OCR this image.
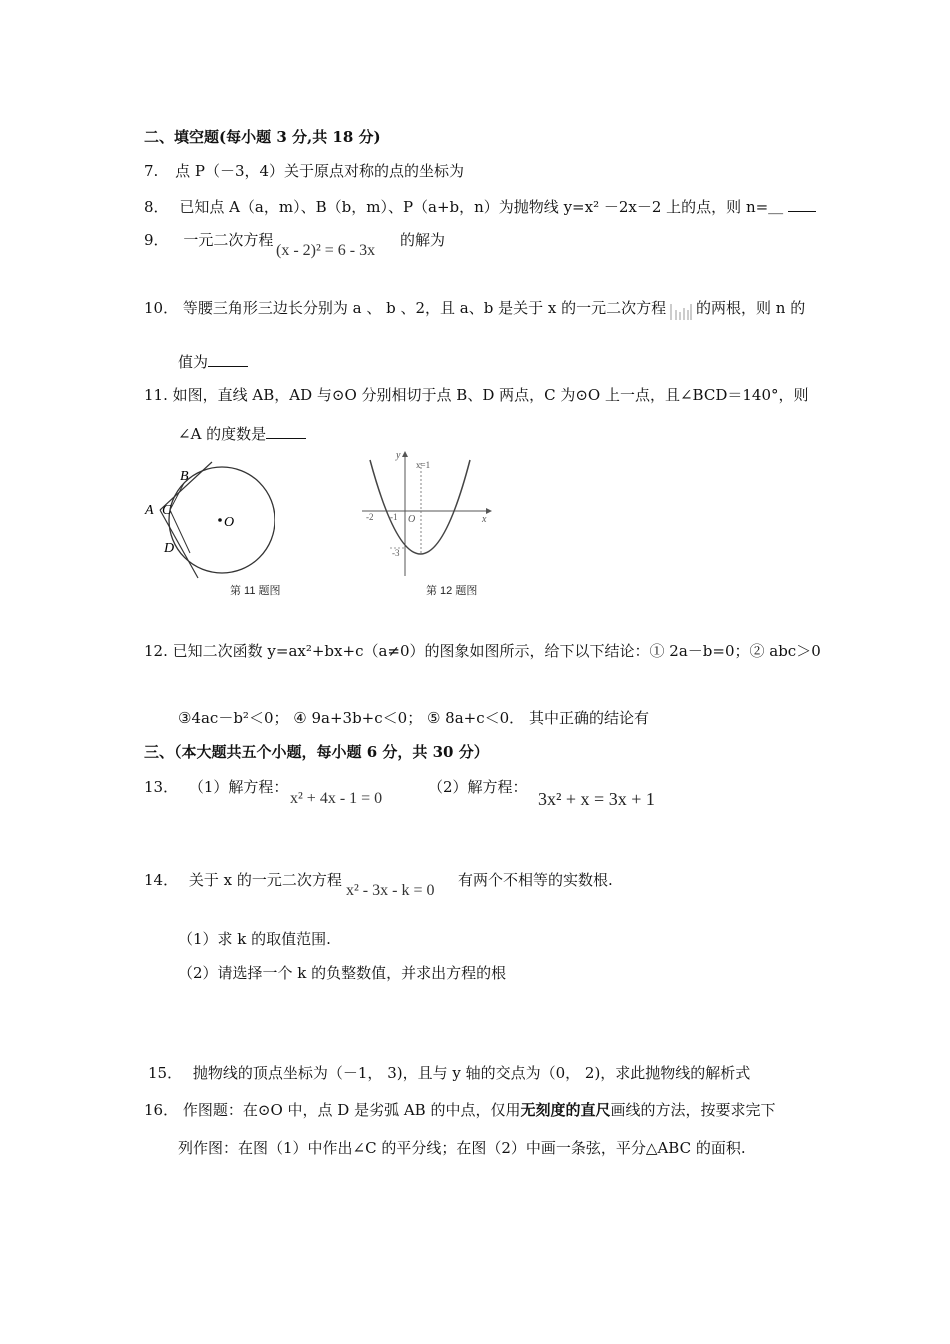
二、填空题(每小题 3 分,共 18 分)
7. 点 P（－3，4）关于原点对称的点的坐标为
8． 已知点 A（a，m）、B（b，m）、P（a+b，n）为抛物线 y=x² －2x－2 上的点，则 n=＿
9． 一元二次方程
(x - 2)² = 6 - 3x
的解为
10． 等腰三角形三边长分别为 a 、 b 、2，且 a、b 是关于 x 的一元二次方程 的两根，则 n 的
值为
11. 如图，直线 AB，AD 与⊙O 分别相切于点 B、D 两点，C 为⊙O 上一点，且∠BCD＝140°，则
∠A 的度数是
B
A C
D
O
第 11 题图
y
x
x=1
O
-2 -1
-3
第 12 题图
12. 已知二次函数 y=ax²+bx+c（a≠0）的图象如图所示，给下以下结论：① 2a－b=0；② abc＞0
③4ac－b²＜0； ④ 9a+3b+c＜0； ⑤ 8a+c＜0． 其中正确的结论有
三、（本大题共五个小题，每小题 6 分，共 30 分）
13． （1）解方程：
x² + 4x - 1 = 0
（2）解方程：
3x² + x = 3x + 1
14． 关于 x 的一元二次方程
x² - 3x - k = 0
有两个不相等的实数根.
（1）求 k 的取值范围.
（2）请选择一个 k 的负整数值，并求出方程的根
15． 抛物线的顶点坐标为（－1， 3)，且与 y 轴的交点为（0， 2)，求此抛物线的解析式
16． 作图题：在⊙O 中，点 D 是劣弧 AB 的中点，仅用无刻度的直尺画线的方法，按要求完下
列作图：在图（1）中作出∠C 的平分线；在图（2）中画一条弦，平分△ABC 的面积.
